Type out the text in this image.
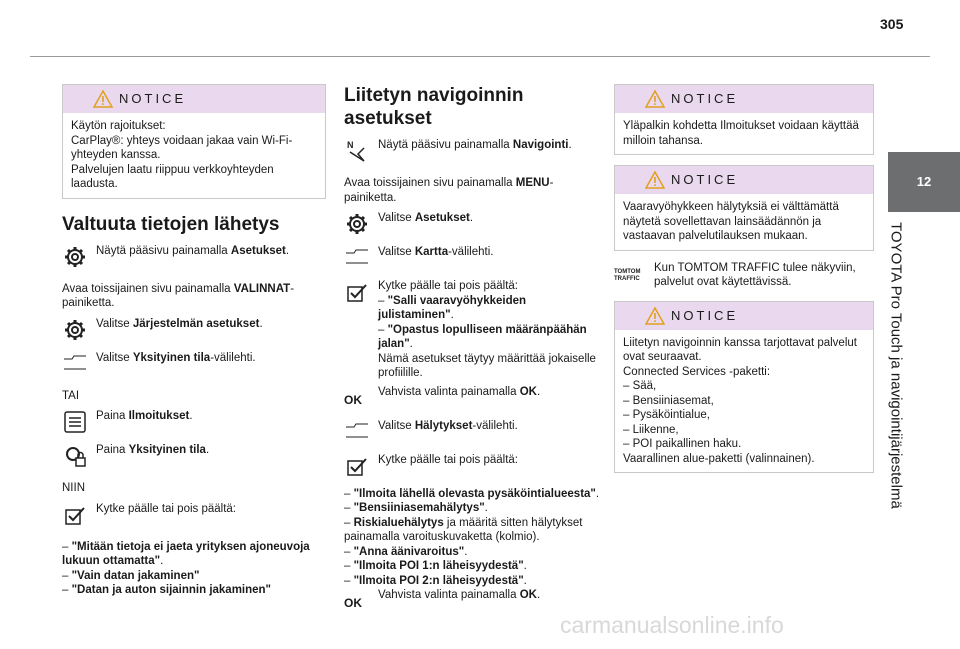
305
12
TOYOTA Pro Touch ja navigointijärjestelmä
NOTICE
Käytön rajoitukset:
CarPlay®: yhteys voidaan jakaa vain Wi-Fi-yhteyden kanssa.
Palvelujen laatu riippuu verkkoyhteyden laadusta.
Valtuuta tietojen lähetys
Näytä pääsivu painamalla Asetukset.
Avaa toissijainen sivu painamalla VALINNAT-painiketta.
Valitse Järjestelmän asetukset.
Valitse Yksityinen tila-välilehti.
TAI
Paina Ilmoitukset.
Paina Yksityinen tila.
NIIN
Kytke päälle tai pois päältä:
– "Mitään tietoja ei jaeta yrityksen ajoneuvoja lukuun ottamatta".
– "Vain datan jakaminen"
– "Datan ja auton sijainnin jakaminen"
Liitetyn navigoinnin asetukset
Näytä pääsivu painamalla Navigointi.
Avaa toissijainen sivu painamalla MENU-painiketta.
Valitse Asetukset.
Valitse Kartta-välilehti.
Kytke päälle tai pois päältä:
– "Salli vaaravyöhykkeiden julistaminen".
– "Opastus lopulliseen määränpäähän jalan".
Nämä asetukset täytyy määrittää jokaiselle profiilille.
OK
Vahvista valinta painamalla OK.
Valitse Hälytykset-välilehti.
Kytke päälle tai pois päältä:
– "Ilmoita lähellä olevasta pysäköintialueesta".
– "Bensiiniasemahälytys".
– Riskialuehälytys ja määritä sitten hälytykset painamalla varoituskuvaketta (kolmio).
– "Anna äänivaroitus".
– "Ilmoita POI 1:n läheisyydestä".
– "Ilmoita POI 2:n läheisyydestä".
OK
Vahvista valinta painamalla OK.
NOTICE
Yläpalkin kohdetta Ilmoitukset voidaan käyttää milloin tahansa.
NOTICE
Vaaravyöhykkeen hälytyksiä ei välttämättä näytetä sovellettavan lainsäädännön ja vastaavan palvelutilauksen mukaan.
TOMTOM
TRAFFIC
Kun TOMTOM TRAFFIC tulee näkyviin, palvelut ovat käytettävissä.
NOTICE
Liitetyn navigoinnin kanssa tarjottavat palvelut ovat seuraavat.
Connected Services -paketti:
– Sää,
– Bensiiniasemat,
– Pysäköintialue,
– Liikenne,
– POI paikallinen haku.
Vaarallinen alue-paketti (valinnainen).
carmanualsonline.info
